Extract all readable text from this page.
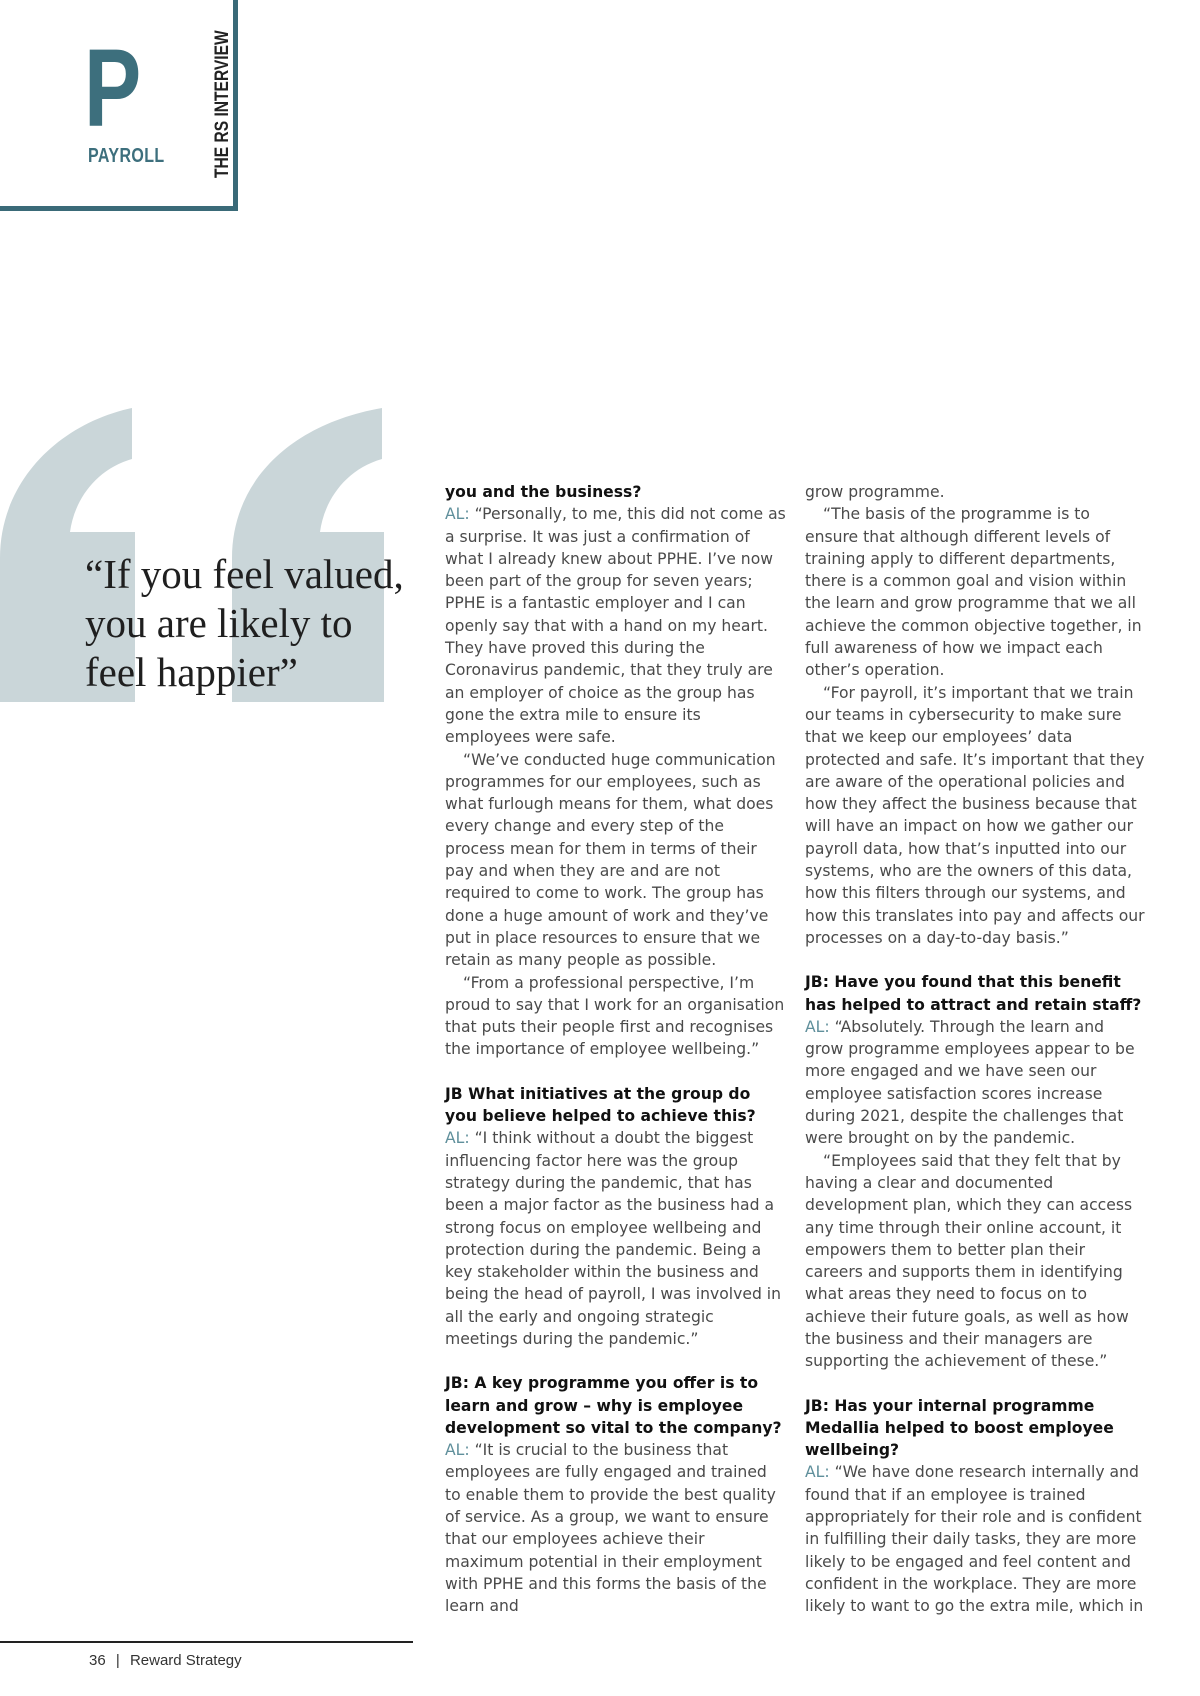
P
PAYROLL THE RS INTERVIEW

“If you feel valued, you are likely to feel happier”

you and the business?

AL: “Personally, to me, this did not come as a surprise. It was just a confirmation of what I already knew about PPHE. I’ve now been part of the group for seven years; PPHE is a fantastic employer and I can openly say that with a hand on my heart. They have proved this during the Coronavirus pandemic, that they truly are an employer of choice as the group has gone the extra mile to ensure its employees were safe.

“We’ve conducted huge communication programmes for our employees, such as what furlough means for them, what does every change and every step of the process mean for them in terms of their pay and when they are and are not required to come to work. The group has done a huge amount of work and they’ve put in place resources to ensure that we retain as many people as possible.

“From a professional perspective, I’m proud to say that I work for an organisation that puts their people first and recognises the importance of employee wellbeing.”

JB What initiatives at the group do you believe helped to achieve this?

AL: “I think without a doubt the biggest influencing factor here was the group strategy during the pandemic, that has been a major factor as the business had a strong focus on employee wellbeing and protection during the pandemic. Being a key stakeholder within the business and being the head of payroll, I was involved in all the early and ongoing strategic meetings during the pandemic.”

JB: A key programme you offer is to learn and grow – why is employee development so vital to the company?

AL: “It is crucial to the business that employees are fully engaged and trained to enable them to provide the best quality of service. As a group, we want to ensure that our employees achieve their maximum potential in their employment with PPHE and this forms the basis of the learn and

grow programme.

“The basis of the programme is to ensure that although different levels of training apply to different departments, there is a common goal and vision within the learn and grow programme that we all achieve the common objective together, in full awareness of how we impact each other’s operation.

“For payroll, it’s important that we train our teams in cybersecurity to make sure that we keep our employees’ data protected and safe. It’s important that they are aware of the operational policies and how they affect the business because that will have an impact on how we gather our payroll data, how that’s inputted into our systems, who are the owners of this data, how this filters through our systems, and how this translates into pay and affects our processes on a day-to-day basis.”

JB: Have you found that this benefit has helped to attract and retain staff?

AL: “Absolutely. Through the learn and grow programme employees appear to be more engaged and we have seen our employee satisfaction scores increase during 2021, despite the challenges that were brought on by the pandemic.

“Employees said that they felt that by having a clear and documented development plan, which they can access any time through their online account, it empowers them to better plan their careers and supports them in identifying what areas they need to focus on to achieve their future goals, as well as how the business and their managers are supporting the achievement of these.”

JB: Has your internal programme Medallia helped to boost employee wellbeing?

AL: “We have done research internally and found that if an employee is trained appropriately for their role and is confident in fulfilling their daily tasks, they are more likely to be engaged and feel content and confident in the workplace. They are more likely to want to go the extra mile, which in

36 | Reward Strategy
